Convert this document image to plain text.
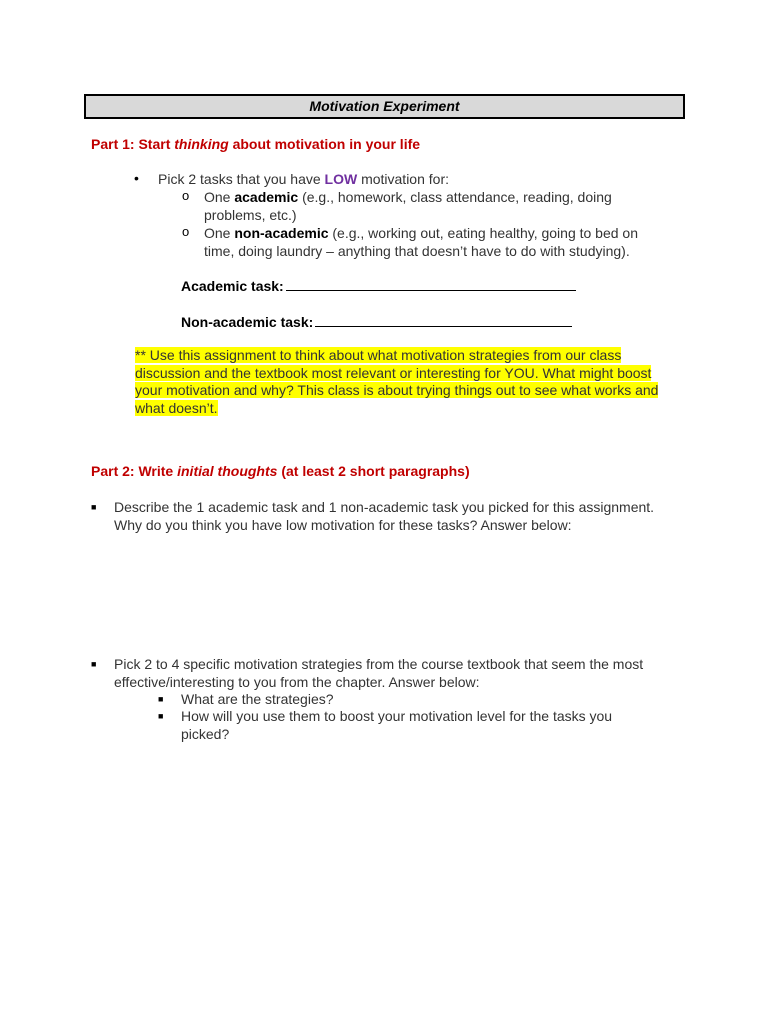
Motivation Experiment
Part 1: Start thinking about motivation in your life
• Pick 2 tasks that you have LOW motivation for:
o One academic (e.g., homework, class attendance, reading, doing
problems, etc.)
o One non-academic (e.g., working out, eating healthy, going to bed on
time, doing laundry – anything that doesn’t have to do with studying).
Academic task:
Non-academic task:
** Use this assignment to think about what motivation strategies from our class discussion and the textbook most relevant or interesting for YOU. What might boost your motivation and why? This class is about trying things out to see what works and what doesn’t.
Part 2: Write initial thoughts (at least 2 short paragraphs)
■ Describe the 1 academic task and 1 non-academic task you picked for this assignment.
Why do you think you have low motivation for these tasks? Answer below:
■ Pick 2 to 4 specific motivation strategies from the course textbook that seem the most
effective/interesting to you from the chapter. Answer below:
■ What are the strategies?
■ How will you use them to boost your motivation level for the tasks you
picked?
